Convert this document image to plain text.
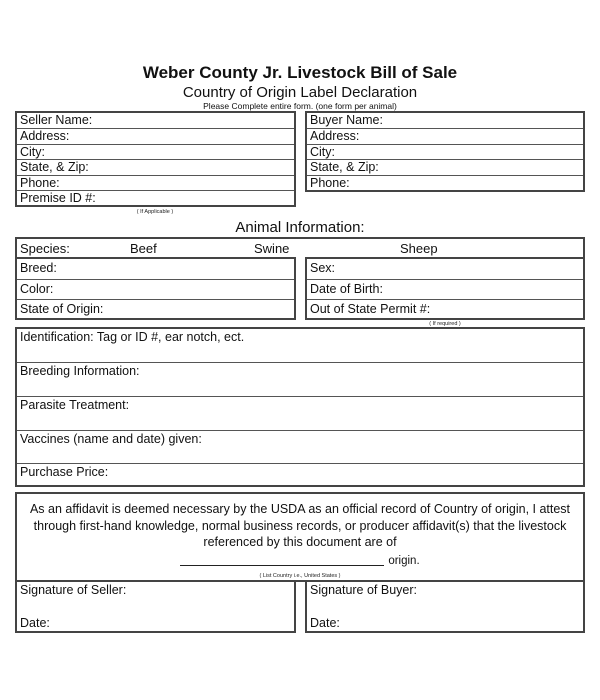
Weber County Jr. Livestock Bill of Sale
Country of Origin Label Declaration
Please Complete entire form. (one form per animal)
Seller Name:
Address:
City:
State, & Zip:
Phone:
Premise ID #:
( If Applicable )
Buyer Name:
Address:
City:
State, & Zip:
Phone:
Animal Information:
Species:	Beef	Swine	Sheep
Breed:
Color:
State of Origin:
Sex:
Date of Birth:
Out of State Permit #:
( If required )
Identification: Tag or ID #, ear notch, ect.
Breeding Information:
Parasite Treatment:
Vaccines (name and date) given:
Purchase Price:
As an affidavit is deemed necessary by the USDA as an official record of Country of origin, I attest through first-hand knowledge, normal business records, or producer affidavit(s) that the livestock referenced by this document are of
origin.
( List Country i.e., United States )
Signature of Seller:
Date:
Signature of Buyer:
Date:
